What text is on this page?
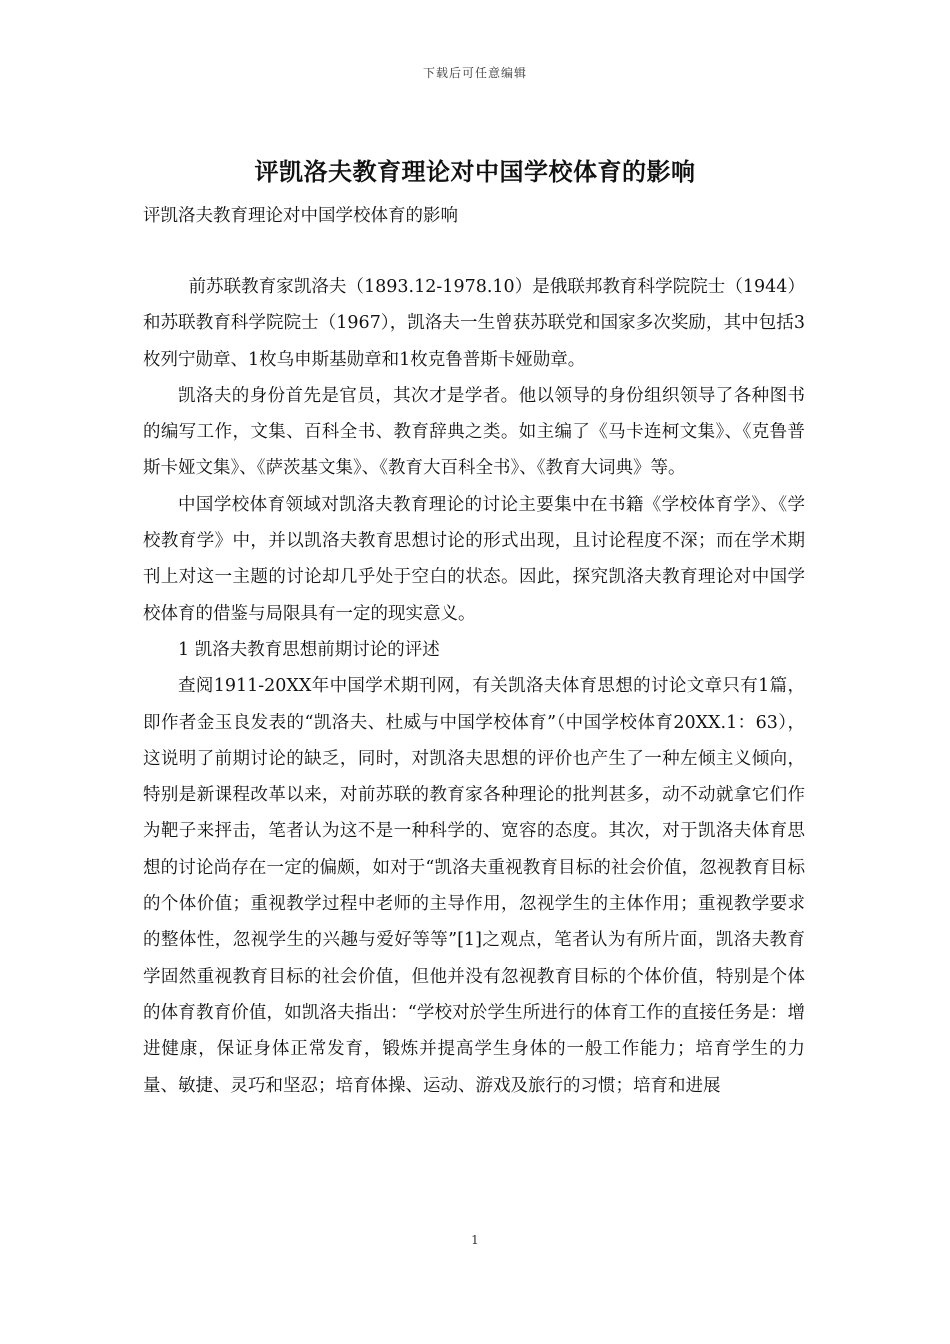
下载后可任意编辑
评凯洛夫教育理论对中国学校体育的影响
评凯洛夫教育理论对中国学校体育的影响

前苏联教育家凯洛夫（1893.12-1978.10）是俄联邦教育科学院院士（1944）和苏联教育科学院院士（1967），凯洛夫一生曾获苏联党和国家多次奖励，其中包括3枚列宁勋章、1枚乌申斯基勋章和1枚克鲁普斯卡娅勋章。

凯洛夫的身份首先是官员，其次才是学者。他以领导的身份组织领导了各种图书的编写工作，文集、百科全书、教育辞典之类。如主编了《马卡连柯文集》、《克鲁普斯卡娅文集》、《萨茨基文集》、《教育大百科全书》、《教育大词典》等。

中国学校体育领域对凯洛夫教育理论的讨论主要集中在书籍《学校体育学》、《学校教育学》中，并以凯洛夫教育思想讨论的形式出现，且讨论程度不深；而在学术期刊上对这一主题的讨论却几乎处于空白的状态。因此，探究凯洛夫教育理论对中国学校体育的借鉴与局限具有一定的现实意义。

1 凯洛夫教育思想前期讨论的评述

查阅1911-20XX年中国学术期刊网，有关凯洛夫体育思想的讨论文章只有1篇，即作者金玉良发表的“凯洛夫、杜威与中国学校体育”（中国学校体育20XX.1：63），这说明了前期讨论的缺乏，同时，对凯洛夫思想的评价也产生了一种左倾主义倾向，特别是新课程改革以来，对前苏联的教育家各种理论的批判甚多，动不动就拿它们作为靶子来抨击，笔者认为这不是一种科学的、宽容的态度。其次，对于凯洛夫体育思想的讨论尚存在一定的偏颇，如对于“凯洛夫重视教育目标的社会价值，忽视教育目标的个体价值；重视教学过程中老师的主导作用，忽视学生的主体作用；重视教学要求的整体性，忽视学生的兴趣与爱好等等”[1]之观点，笔者认为有所片面，凯洛夫教育学固然重视教育目标的社会价值，但他并没有忽视教育目标的个体价值，特别是个体的体育教育价值，如凯洛夫指出：“学校对於学生所进行的体育工作的直接任务是：增进健康，保证身体正常发育，锻炼并提高学生身体的一般工作能力；培育学生的力量、敏捷、灵巧和坚忍；培育体操、运动、游戏及旅行的习惯；培育和进展

1
